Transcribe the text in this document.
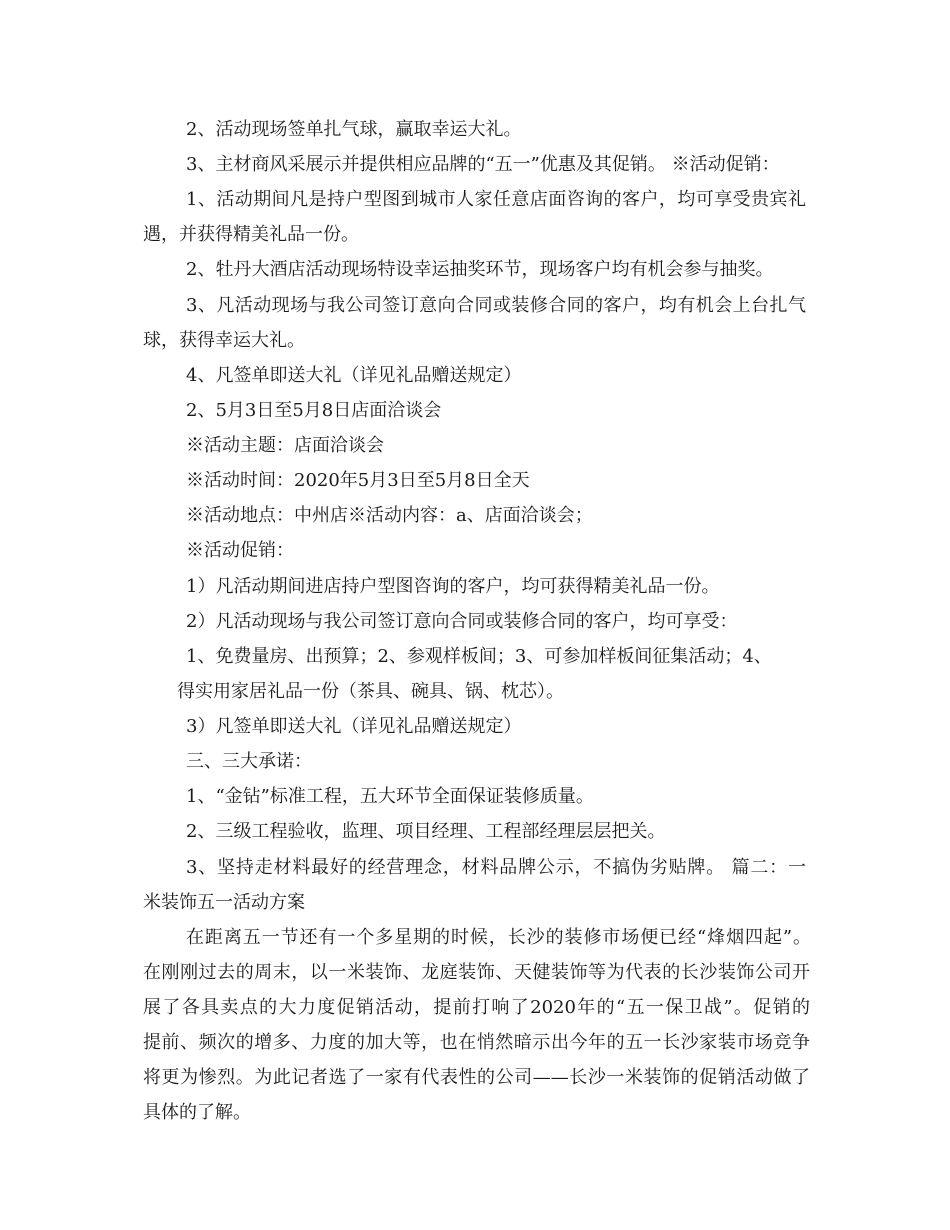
2、活动现场签单扎气球，赢取幸运大礼。
3、主材商风采展示并提供相应品牌的“五一”优惠及其促销。 ※活动促销：
1、活动期间凡是持户型图到城市人家任意店面咨询的客户，均可享受贵宾礼
遇，并获得精美礼品一份。
2、牡丹大酒店活动现场特设幸运抽奖环节，现场客户均有机会参与抽奖。
3、凡活动现场与我公司签订意向合同或装修合同的客户，均有机会上台扎气
球，获得幸运大礼。
4、凡签单即送大礼（详见礼品赠送规定）
2、5月3日至5月8日店面洽谈会
※活动主题：店面洽谈会
※活动时间：2020年5月3日至5月8日全天
※活动地点：中州店※活动内容：a、店面洽谈会；
※活动促销：
1）凡活动期间进店持户型图咨询的客户，均可获得精美礼品一份。
2）凡活动现场与我公司签订意向合同或装修合同的客户，均可享受：
1、免费量房、出预算；2、参观样板间；3、可参加样板间征集活动；4、
得实用家居礼品一份（茶具、碗具、锅、枕芯）。
3）凡签单即送大礼（详见礼品赠送规定）
三、三大承诺：
1、“金钻”标准工程，五大环节全面保证装修质量。
2、三级工程验收，监理、项目经理、工程部经理层层把关。
3、坚持走材料最好的经营理念，材料品牌公示，不搞伪劣贴牌。 篇二：一
米装饰五一活动方案
在距离五一节还有一个多星期的时候，长沙的装修市场便已经“烽烟四起”。
在刚刚过去的周末，以一米装饰、龙庭装饰、天健装饰等为代表的长沙装饰公司开
展了各具卖点的大力度促销活动，提前打响了2020年的“五一保卫战”。促销的
提前、频次的增多、力度的加大等，也在悄然暗示出今年的五一长沙家装市场竞争
将更为惨烈。为此记者选了一家有代表性的公司——长沙一米装饰的促销活动做了
具体的了解。
